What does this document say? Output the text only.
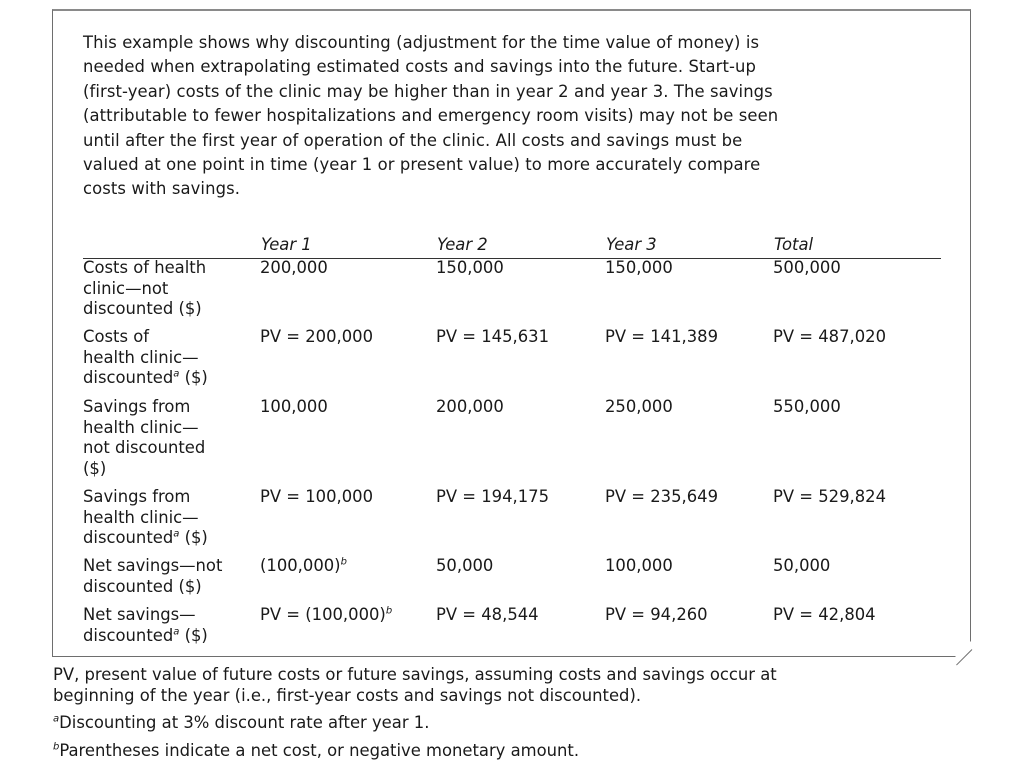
This example shows why discounting (adjustment for the time value of money) is
needed when extrapolating estimated costs and savings into the future. Start-up
(first-year) costs of the clinic may be higher than in year 2 and year 3. The savings
(attributable to fewer hospitalizations and emergency room visits) may not be seen
until after the first year of operation of the clinic. All costs and savings must be
valued at one point in time (year 1 or present value) to more accurately compare
costs with savings.
Year 1	Year 2	Year 3	Total
Costs of health
clinic—not
discounted ($)
200,000	150,000	150,000	500,000
Costs of
health clinic—
discounted$^a$ ($)
PV = 200,000	PV = 145,631	PV = 141,389	PV = 487,020
Savings from
health clinic—
not discounted
($)
100,000	200,000	250,000	550,000
Savings from
health clinic—
discounted$^a$ ($)
PV = 100,000	PV = 194,175	PV = 235,649	PV = 529,824
Net savings—not
discounted ($)
$(100,000)^b$	50,000	100,000	50,000
Net savings—
discounted$^a$ ($)
PV = $(100,000)^b$	PV = 48,544	PV = 94,260	PV = 42,804
PV, present value of future costs or future savings, assuming costs and savings occur at
beginning of the year (i.e., first-year costs and savings not discounted).
$^a$Discounting at 3% discount rate after year 1.
$^b$Parentheses indicate a net cost, or negative monetary amount.
